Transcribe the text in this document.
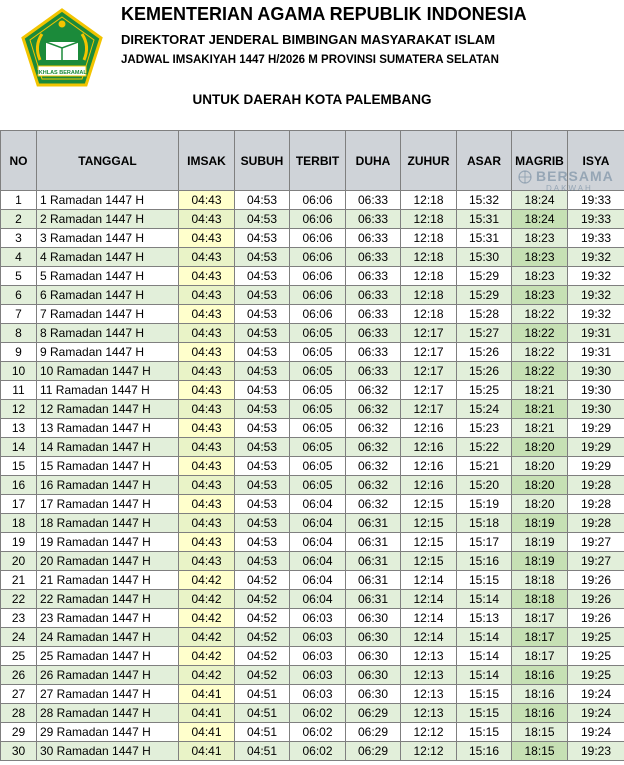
IKHLAS BERAMAL
KEMENTERIAN AGAMA REPUBLIK INDONESIA
DIREKTORAT JENDERAL BIMBINGAN MASYARAKAT ISLAM
JADWAL IMSAKIYAH 1447 H/2026 M PROVINSI SUMATERA SELATAN
UNTUK DAERAH KOTA PALEMBANG
NO	TANGGAL	IMSAK	SUBUH	TERBIT	DUHA	ZUHUR	ASAR	MAGRIB	ISYA
1	1 Ramadan 1447 H	04:43	04:53	06:06	06:33	12:18	15:32	18:24	19:33
2	2 Ramadan 1447 H	04:43	04:53	06:06	06:33	12:18	15:31	18:24	19:33
3	3 Ramadan 1447 H	04:43	04:53	06:06	06:33	12:18	15:31	18:23	19:33
4	4 Ramadan 1447 H	04:43	04:53	06:06	06:33	12:18	15:30	18:23	19:32
5	5 Ramadan 1447 H	04:43	04:53	06:06	06:33	12:18	15:29	18:23	19:32
6	6 Ramadan 1447 H	04:43	04:53	06:06	06:33	12:18	15:29	18:23	19:32
7	7 Ramadan 1447 H	04:43	04:53	06:06	06:33	12:18	15:28	18:22	19:32
8	8 Ramadan 1447 H	04:43	04:53	06:05	06:33	12:17	15:27	18:22	19:31
9	9 Ramadan 1447 H	04:43	04:53	06:05	06:33	12:17	15:26	18:22	19:31
10	10 Ramadan 1447 H	04:43	04:53	06:05	06:33	12:17	15:26	18:22	19:30
11	11 Ramadan 1447 H	04:43	04:53	06:05	06:32	12:17	15:25	18:21	19:30
12	12 Ramadan 1447 H	04:43	04:53	06:05	06:32	12:17	15:24	18:21	19:30
13	13 Ramadan 1447 H	04:43	04:53	06:05	06:32	12:16	15:23	18:21	19:29
14	14 Ramadan 1447 H	04:43	04:53	06:05	06:32	12:16	15:22	18:20	19:29
15	15 Ramadan 1447 H	04:43	04:53	06:05	06:32	12:16	15:21	18:20	19:29
16	16 Ramadan 1447 H	04:43	04:53	06:05	06:32	12:16	15:20	18:20	19:28
17	17 Ramadan 1447 H	04:43	04:53	06:04	06:32	12:15	15:19	18:20	19:28
18	18 Ramadan 1447 H	04:43	04:53	06:04	06:31	12:15	15:18	18:19	19:28
19	19 Ramadan 1447 H	04:43	04:53	06:04	06:31	12:15	15:17	18:19	19:27
20	20 Ramadan 1447 H	04:43	04:53	06:04	06:31	12:15	15:16	18:19	19:27
21	21 Ramadan 1447 H	04:42	04:52	06:04	06:31	12:14	15:15	18:18	19:26
22	22 Ramadan 1447 H	04:42	04:52	06:04	06:31	12:14	15:14	18:18	19:26
23	23 Ramadan 1447 H	04:42	04:52	06:03	06:30	12:14	15:13	18:17	19:26
24	24 Ramadan 1447 H	04:42	04:52	06:03	06:30	12:14	15:14	18:17	19:25
25	25 Ramadan 1447 H	04:42	04:52	06:03	06:30	12:13	15:14	18:17	19:25
26	26 Ramadan 1447 H	04:42	04:52	06:03	06:30	12:13	15:14	18:16	19:25
27	27 Ramadan 1447 H	04:41	04:51	06:03	06:30	12:13	15:15	18:16	19:24
28	28 Ramadan 1447 H	04:41	04:51	06:02	06:29	12:13	15:15	18:16	19:24
29	29 Ramadan 1447 H	04:41	04:51	06:02	06:29	12:12	15:15	18:15	19:24
30	30 Ramadan 1447 H	04:41	04:51	06:02	06:29	12:12	15:16	18:15	19:23
BERSAMA
DAKWAH
